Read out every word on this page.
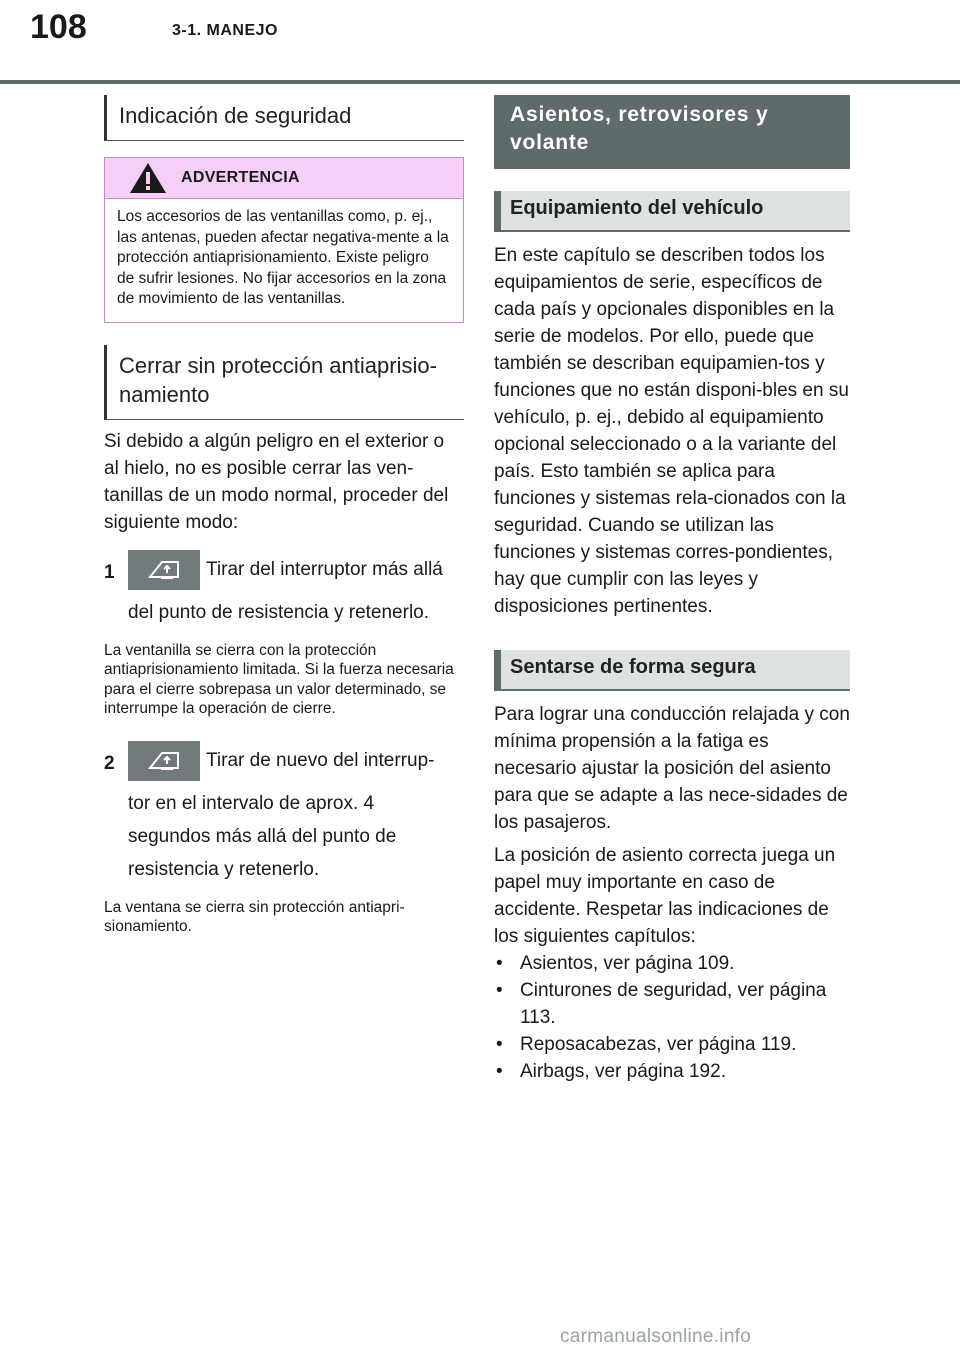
108	3-1. MANEJO
Indicación de seguridad
ADVERTENCIA
Los accesorios de las ventanillas como, p. ej., las antenas, pueden afectar negativa-mente a la protección antiaprisionamiento. Existe peligro de sufrir lesiones. No fijar accesorios en la zona de movimiento de las ventanillas.
Cerrar sin protección antiaprisio-namiento
Si debido a algún peligro en el exterior o al hielo, no es posible cerrar las ven-tanillas de un modo normal, proceder del siguiente modo:
1	Tirar del interruptor más allá
del punto de resistencia y retenerlo.
La ventanilla se cierra con la protección antiaprisionamiento limitada. Si la fuerza necesaria para el cierre sobrepasa un valor determinado, se interrumpe la operación de cierre.
2	Tirar de nuevo del interrup-
tor en el intervalo de aprox. 4 segundos más allá del punto de resistencia y retenerlo.
La ventana se cierra sin protección antiapri-sionamiento.
Asientos, retrovisores y volante
Equipamiento del vehículo
En este capítulo se describen todos los equipamientos de serie, específicos de cada país y opcionales disponibles en la serie de modelos. Por ello, puede que también se describan equipamien-tos y funciones que no están disponi-bles en su vehículo, p. ej., debido al equipamiento opcional seleccionado o a la variante del país. Esto también se aplica para funciones y sistemas rela-cionados con la seguridad. Cuando se utilizan las funciones y sistemas corres-pondientes, hay que cumplir con las leyes y disposiciones pertinentes.
Sentarse de forma segura
Para lograr una conducción relajada y con mínima propensión a la fatiga es necesario ajustar la posición del asiento para que se adapte a las nece-sidades de los pasajeros.
La posición de asiento correcta juega un papel muy importante en caso de accidente. Respetar las indicaciones de los siguientes capítulos:
• Asientos, ver página 109.
• Cinturones de seguridad, ver página 113.
• Reposacabezas, ver página 119.
• Airbags, ver página 192.
carmanualsonline.info
